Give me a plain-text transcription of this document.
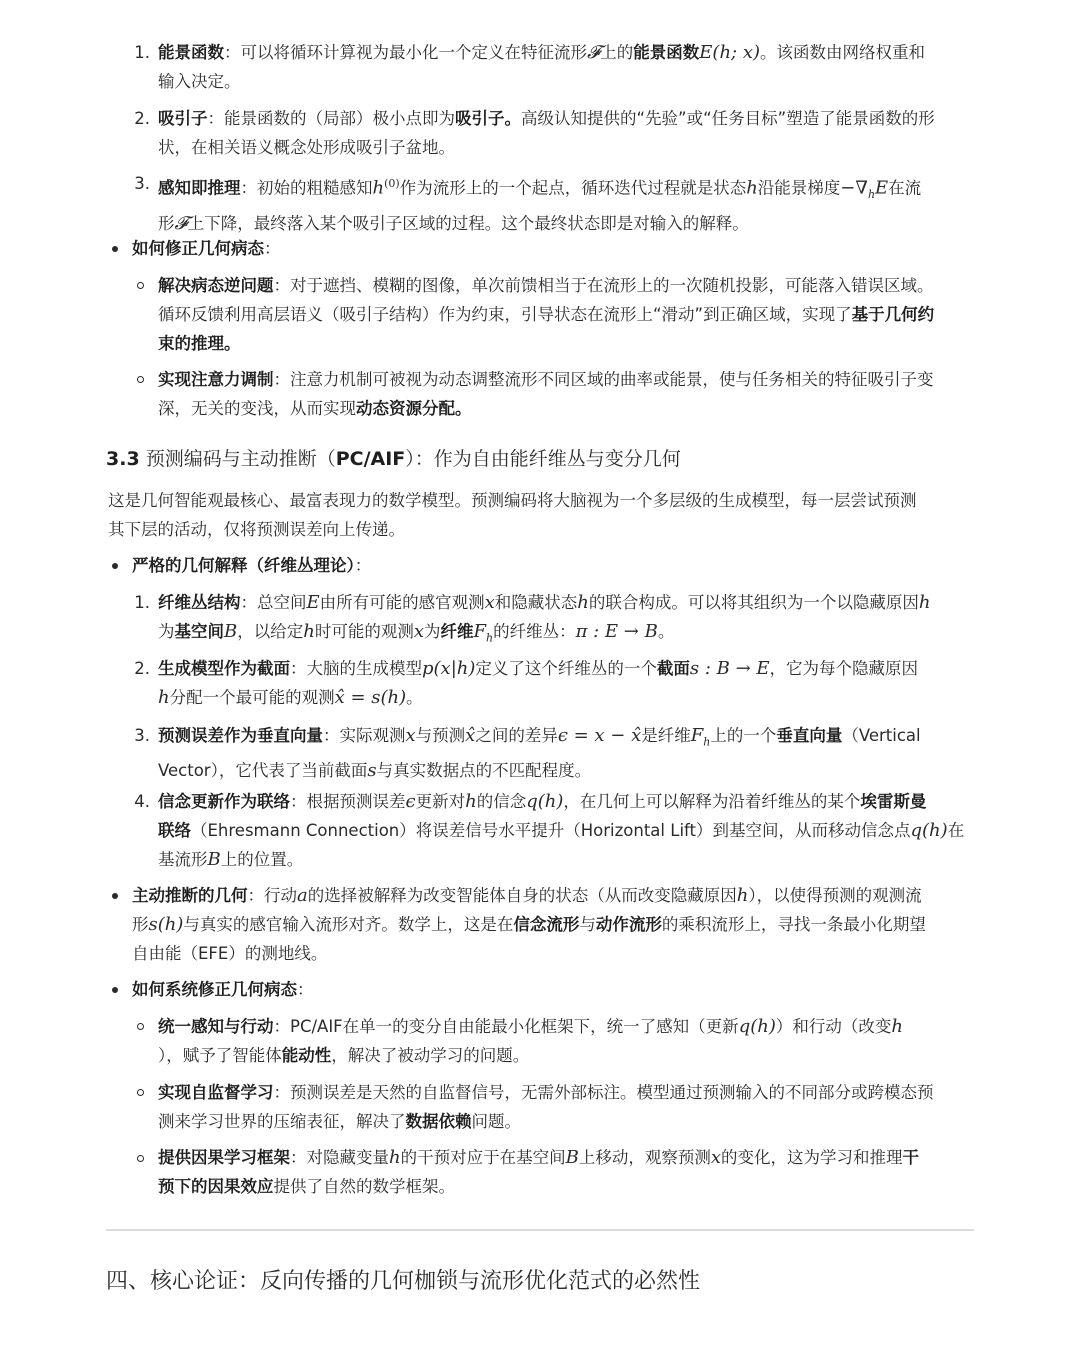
1. 能景函数：可以将循环计算视为最小化一个定义在特征流形𝓕上的能景函数E(h; x)。该函数由网络权重和
输入决定。
2. 吸引子：能景函数的（局部）极小点即为吸引子。高级认知提供的“先验”或“任务目标”塑造了能景函数的形
状，在相关语义概念处形成吸引子盆地。
3. 感知即推理：初始的粗糙感知$h^{(0)}$作为流形上的一个起点，循环迭代过程就是状态h沿能景梯度$-\nabla_hE$在流
形𝓕上下降，最终落入某个吸引子区域的过程。这个最终状态即是对输入的解释。
如何修正几何病态：
解决病态逆问题：对于遮挡、模糊的图像，单次前馈相当于在流形上的一次随机投影，可能落入错误区域。
循环反馈利用高层语义（吸引子结构）作为约束，引导状态在流形上“滑动”到正确区域，实现了基于几何约
束的推理。
实现注意力调制：注意力机制可被视为动态调整流形不同区域的曲率或能景，使与任务相关的特征吸引子变
深，无关的变浅，从而实现动态资源分配。
3.3 预测编码与主动推断（PC/AIF）：作为自由能纤维丛与变分几何
这是几何智能观最核心、最富表现力的数学模型。预测编码将大脑视为一个多层级的生成模型，每一层尝试预测
其下层的活动，仅将预测误差向上传递。
严格的几何解释（纤维丛理论）：
1. 纤维丛结构：总空间E由所有可能的感官观测x和隐藏状态h的联合构成。可以将其组织为一个以隐藏原因h
为基空间B，以给定h时可能的观测x为纤维$F_h$的纤维丛：π : E → B。
2. 生成模型作为截面：大脑的生成模型p(x|h)定义了这个纤维丛的一个截面s : B → E，它为每个隐藏原因
h分配一个最可能的观测x̂ = s(h)。
3. 预测误差作为垂直向量：实际观测x与预测x̂之间的差异ϵ = x − x̂是纤维$F_h$上的一个垂直向量（Vertical
Vector），它代表了当前截面s与真实数据点的不匹配程度。
4. 信念更新作为联络：根据预测误差ϵ更新对h的信念q(h)，在几何上可以解释为沿着纤维丛的某个埃雷斯曼
联络（Ehresmann Connection）将误差信号水平提升（Horizontal Lift）到基空间，从而移动信念点q(h)在
基流形B上的位置。
主动推断的几何：行动a的选择被解释为改变智能体自身的状态（从而改变隐藏原因h），以使得预测的观测流
形s(h)与真实的感官输入流形对齐。数学上，这是在信念流形与动作流形的乘积流形上，寻找一条最小化期望
自由能（EFE）的测地线。
如何系统修正几何病态：
统一感知与行动：PC/AIF在单一的变分自由能最小化框架下，统一了感知（更新q(h)）和行动（改变h
），赋予了智能体能动性，解决了被动学习的问题。
实现自监督学习：预测误差是天然的自监督信号，无需外部标注。模型通过预测输入的不同部分或跨模态预
测来学习世界的压缩表征，解决了数据依赖问题。
提供因果学习框架：对隐藏变量h的干预对应于在基空间B上移动，观察预测x的变化，这为学习和推理干
预下的因果效应提供了自然的数学框架。
四、核心论证：反向传播的几何枷锁与流形优化范式的必然性
